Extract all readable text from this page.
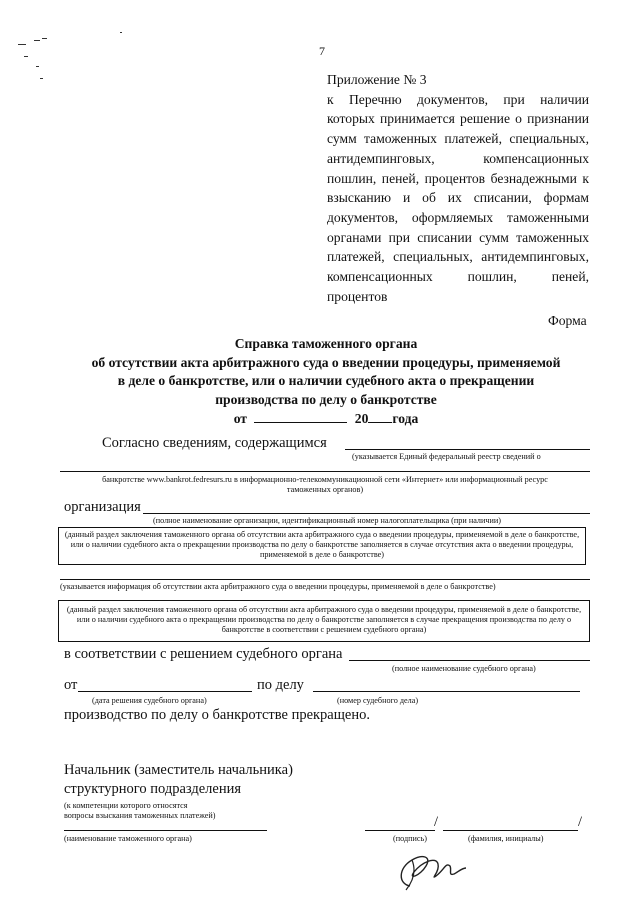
7
Приложение № 3
к Перечню документов, при наличии которых принимается решение о признании сумм таможенных платежей, специальных, антидемпинговых, компенсационных пошлин, пеней, процентов безнадежными к взысканию и об их списании, формам документов, оформляемых таможенными органами при списании сумм таможенных платежей, специальных, антидемпинговых, компенсационных пошлин, пеней, процентов
Форма
Справка таможенного органа
об отсутствии акта арбитражного суда о введении процедуры, применяемой
в деле о банкротстве, или о наличии судебного акта о прекращении
производства по делу о банкротстве
от	20 года
Согласно сведениям, содержащимся
(указывается Единый федеральный реестр сведений о
банкротстве www.bankrot.fedresurs.ru в информационно-телекоммуникационной сети «Интернет» или информационный ресурс
таможенных органов)
организация
(полное наименование организации, идентификационный номер налогоплательщика (при наличии)
(данный раздел заключения таможенного органа об отсутствии акта арбитражного суда о введении процедуры, применяемой в деле о банкротстве, или о наличии судебного акта о прекращении производства по делу о банкротстве заполняется в случае отсутствия акта о введении процедуры, применяемой в деле о банкротстве)
(указывается информация об отсутствии акта арбитражного суда о введении процедуры, применяемой в деле о банкротстве)
(данный раздел заключения таможенного органа об отсутствии акта арбитражного суда о введении процедуры, применяемой в деле о банкротстве, или о наличии судебного акта о прекращении производства по делу о банкротстве заполняется в случае прекращения производства по делу о банкротстве в соответствии с решением судебного органа)
в соответствии с решением судебного органа
(полное наименование судебного органа)
от	по делу
(дата решения судебного органа)	(номер судебного дела)
производство по делу о банкротстве прекращено.
Начальник (заместитель начальника)
структурного подразделения
(к компетенции которого относятся
вопросы взыскания таможенных платежей)
(наименование таможенного органа)
/	/
(подпись)	(фамилия, инициалы)
